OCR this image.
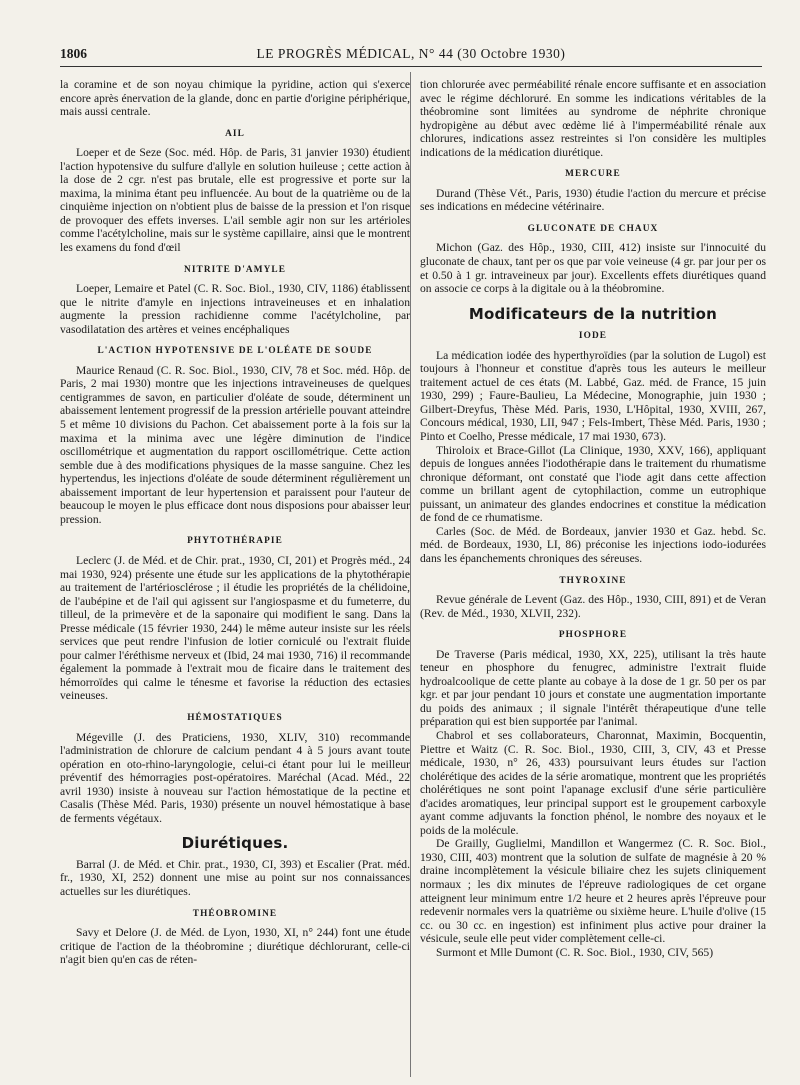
1806	LE PROGRÈS MÉDICAL, N° 44 (30 Octobre 1930)

la coramine et de son noyau chimique la pyridine, action qui s'exerce encore après énervation de la glande, donc en partie d'origine périphérique, mais aussi centrale.

AIL

Loeper et de Seze (Soc. méd. Hôp. de Paris, 31 janvier 1930) étudient l'action hypotensive du sulfure d'allyle en solution huileuse ; cette action à la dose de 2 cgr. n'est pas brutale, elle est progressive et porte sur la maxima, la minima étant peu influencée. Au bout de la quatrième ou de la cinquième injection on n'obtient plus de baisse de la pression et l'on risque de provoquer des effets inverses. L'ail semble agir non sur les artérioles comme l'acétylcholine, mais sur le système capillaire, ainsi que le montrent les examens du fond d'œil

NITRITE D'AMYLE

Loeper, Lemaire et Patel (C. R. Soc. Biol., 1930, CIV, 1186) établissent que le nitrite d'amyle en injections intraveineuses et en inhalation augmente la pression rachidienne comme l'acétylcholine, par vasodilatation des artères et veines encéphaliques

L'ACTION HYPOTENSIVE DE L'OLÉATE DE SOUDE

Maurice Renaud (C. R. Soc. Biol., 1930, CIV, 78 et Soc. méd. Hôp. de Paris, 2 mai 1930) montre que les injections intraveineuses de quelques centigrammes de savon, en particulier d'oléate de soude, déterminent un abaissement lentement progressif de la pression artérielle pouvant atteindre 5 et même 10 divisions du Pachon. Cet abaissement porte à la fois sur la maxima et la minima avec une légère diminution de l'indice oscillométrique et augmentation du rapport oscillométrique. Cette action semble due à des modifications physiques de la masse sanguine. Chez les hypertendus, les injections d'oléate de soude déterminent régulièrement un abaissement important de leur hypertension et paraissent pour l'auteur de beaucoup le moyen le plus efficace dont nous disposions pour abaisser leur pression.

PHYTOTHÉRAPIE

Leclerc (J. de Méd. et de Chir. prat., 1930, CI, 201) et Progrès méd., 24 mai 1930, 924) présente une étude sur les applications de la phytothérapie au traitement de l'artériosclérose ; il étudie les propriétés de la chélidoine, de l'aubépine et de l'ail qui agissent sur l'angiospasme et du fumeterre, du tilleul, de la primevère et de la saponaire qui modifient le sang. Dans la Presse médicale (15 février 1930, 244) le même auteur insiste sur les réels services que peut rendre l'infusion de lotier corniculé ou l'extrait fluide pour calmer l'éréthisme nerveux et (Ibid, 24 mai 1930, 716) il recommande également la pommade à l'extrait mou de ficaire dans le traitement des hémorroïdes qui calme le ténesme et favorise la réduction des ectasies veineuses.

HÉMOSTATIQUES

Mégeville (J. des Praticiens, 1930, XLIV, 310) recommande l'administration de chlorure de calcium pendant 4 à 5 jours avant toute opération en oto-rhino-laryngologie, celui-ci étant pour lui le meilleur préventif des hémorragies post-opératoires. Maréchal (Acad. Méd., 22 avril 1930) insiste à nouveau sur l'action hémostatique de la pectine et Casalis (Thèse Méd. Paris, 1930) présente un nouvel hémostatique à base de ferments végétaux.

Diurétiques.

Barral (J. de Méd. et Chir. prat., 1930, CI, 393) et Escalier (Prat. méd. fr., 1930, XI, 252) donnent une mise au point sur nos connaissances actuelles sur les diurétiques.

THÉOBROMINE

Savy et Delore (J. de Méd. de Lyon, 1930, XI, n° 244) font une étude critique de l'action de la théobromine ; diurétique déchlorurant, celle-ci n'agit bien qu'en cas de réten-

tion chlorurée avec perméabilité rénale encore suffisante et en association avec le régime déchloruré. En somme les indications véritables de la théobromine sont limitées au syndrome de néphrite chronique hydropigène au début avec œdème lié à l'imperméabilité rénale aux chlorures, indications assez restreintes si l'on considère les multiples indications de la médication diurétique.

MERCURE

Durand (Thèse Vét., Paris, 1930) étudie l'action du mercure et précise ses indications en médecine vétérinaire.

GLUCONATE DE CHAUX

Michon (Gaz. des Hôp., 1930, CIII, 412) insiste sur l'innocuité du gluconate de chaux, tant per os que par voie veineuse (4 gr. par jour per os et 0.50 à 1 gr. intraveineux par jour). Excellents effets diurétiques quand on associe ce corps à la digitale ou à la théobromine.

Modificateurs de la nutrition
IODE

La médication iodée des hyperthyroïdies (par la solution de Lugol) est toujours à l'honneur et constitue d'après tous les auteurs le meilleur traitement actuel de ces états (M. Labbé, Gaz. méd. de France, 15 juin 1930, 299) ; Faure-Baulieu, La Médecine, Monographie, juin 1930 ; Gilbert-Dreyfus, Thèse Méd. Paris, 1930, L'Hôpital, 1930, XVIII, 267, Concours médical, 1930, LII, 947 ; Fels-Imbert, Thèse Méd. Paris, 1930 ; Pinto et Coelho, Presse médicale, 17 mai 1930, 673).

Thiroloix et Brace-Gillot (La Clinique, 1930, XXV, 166), appliquant depuis de longues années l'iodothérapie dans le traitement du rhumatisme chronique déformant, ont constaté que l'iode agit dans cette affection comme un brillant agent de cytophilaction, comme un eutrophique puissant, un animateur des glandes endocrines et constitue la médication de fond de ce rhumatisme.

Carles (Soc. de Méd. de Bordeaux, janvier 1930 et Gaz. hebd. Sc. méd. de Bordeaux, 1930, LI, 86) préconise les injections iodo-iodurées dans les épanchements chroniques des séreuses.

THYROXINE

Revue générale de Levent (Gaz. des Hôp., 1930, CIII, 891) et de Veran (Rev. de Méd., 1930, XLVII, 232).

PHOSPHORE

De Traverse (Paris médical, 1930, XX, 225), utilisant la très haute teneur en phosphore du fenugrec, administre l'extrait fluide hydroalcoolique de cette plante au cobaye à la dose de 1 gr. 50 per os par kgr. et par jour pendant 10 jours et constate une augmentation importante du poids des animaux ; il signale l'intérêt thérapeutique d'une telle préparation qui est bien supportée par l'animal.

Chabrol et ses collaborateurs, Charonnat, Maximin, Bocquentin, Piettre et Waitz (C. R. Soc. Biol., 1930, CIII, 3, CIV, 43 et Presse médicale, 1930, n° 26, 433) poursuivant leurs études sur l'action cholérétique des acides de la série aromatique, montrent que les propriétés cholérétiques ne sont point l'apanage exclusif d'une série particulière d'acides aromatiques, leur principal support est le groupement carboxyle ayant comme adjuvants la fonction phénol, le nombre des noyaux et le poids de la molécule.

De Grailly, Guglielmi, Mandillon et Wangermez (C. R. Soc. Biol., 1930, CIII, 403) montrent que la solution de sulfate de magnésie à 20 % draine incomplètement la vésicule biliaire chez les sujets cliniquement normaux ; les dix minutes de l'épreuve radiologiques de cet organe atteignent leur minimum entre 1/2 heure et 2 heures après l'épreuve pour redevenir normales vers la quatrième ou sixième heure. L'huile d'olive (15 cc. ou 30 cc. en ingestion) est infiniment plus active pour drainer la vésicule, seule elle peut vider complètement celle-ci.

Surmont et Mlle Dumont (C. R. Soc. Biol., 1930, CIV, 565)
